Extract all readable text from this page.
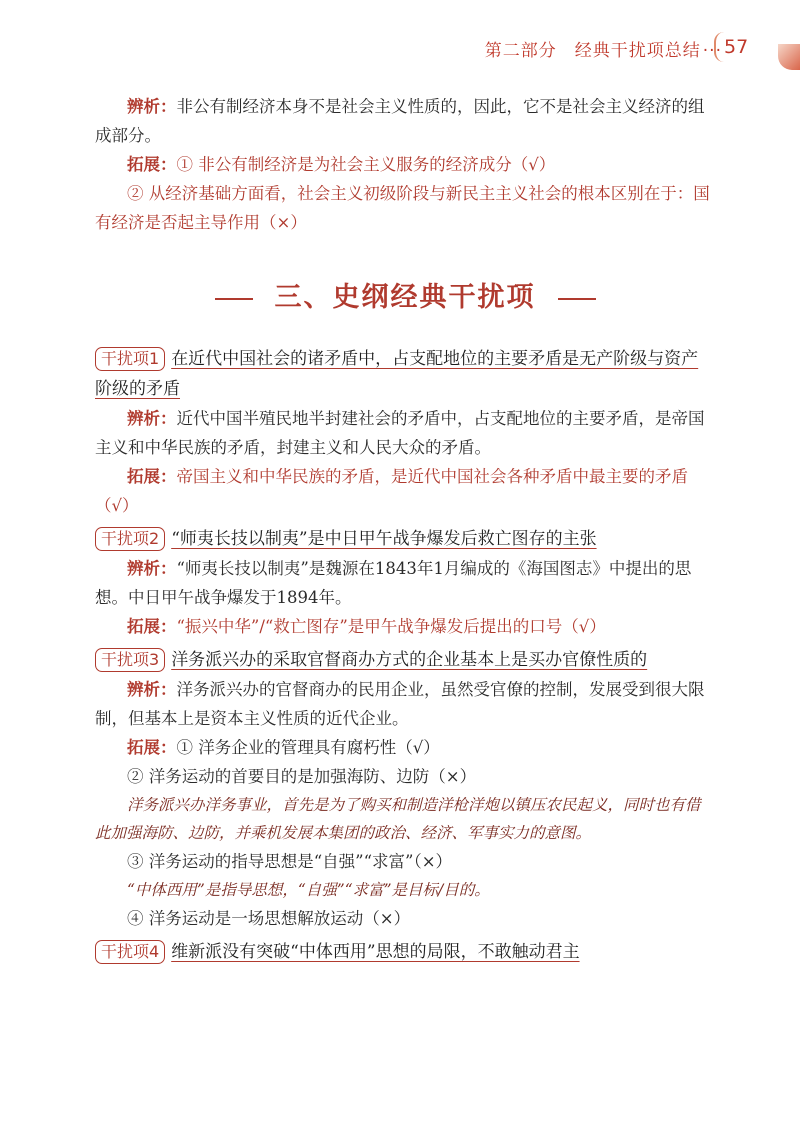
第二部分　经典干扰项总结 ··· 57

辨析：非公有制经济本身不是社会主义性质的，因此，它不是社会主义经济的组成部分。

拓展：① 非公有制经济是为社会主义服务的经济成分（√）

② 从经济基础方面看，社会主义初级阶段与新民主主义社会的根本区别在于：国有经济是否起主导作用（×）

三、史纲经典干扰项

干扰项1 在近代中国社会的诸矛盾中，占支配地位的主要矛盾是无产阶级与资产阶级的矛盾

辨析：近代中国半殖民地半封建社会的矛盾中，占支配地位的主要矛盾，是帝国主义和中华民族的矛盾，封建主义和人民大众的矛盾。

拓展：帝国主义和中华民族的矛盾，是近代中国社会各种矛盾中最主要的矛盾（√）

干扰项2 “师夷长技以制夷”是中日甲午战争爆发后救亡图存的主张

辨析：“师夷长技以制夷”是魏源在1843年1月编成的《海国图志》中提出的思想。中日甲午战争爆发于1894年。

拓展：“振兴中华”/“救亡图存”是甲午战争爆发后提出的口号（√）

干扰项3 洋务派兴办的采取官督商办方式的企业基本上是买办官僚性质的

辨析：洋务派兴办的官督商办的民用企业，虽然受官僚的控制，发展受到很大限制，但基本上是资本主义性质的近代企业。

拓展：① 洋务企业的管理具有腐朽性（√）

② 洋务运动的首要目的是加强海防、边防（×）

洋务派兴办洋务事业，首先是为了购买和制造洋枪洋炮以镇压农民起义，同时也有借此加强海防、边防，并乘机发展本集团的政治、经济、军事实力的意图。

③ 洋务运动的指导思想是“自强”“求富”（×）

“中体西用”是指导思想，“自强”“求富”是目标/目的。

④ 洋务运动是一场思想解放运动（×）

干扰项4 维新派没有突破“中体西用”思想的局限，不敢触动君主
